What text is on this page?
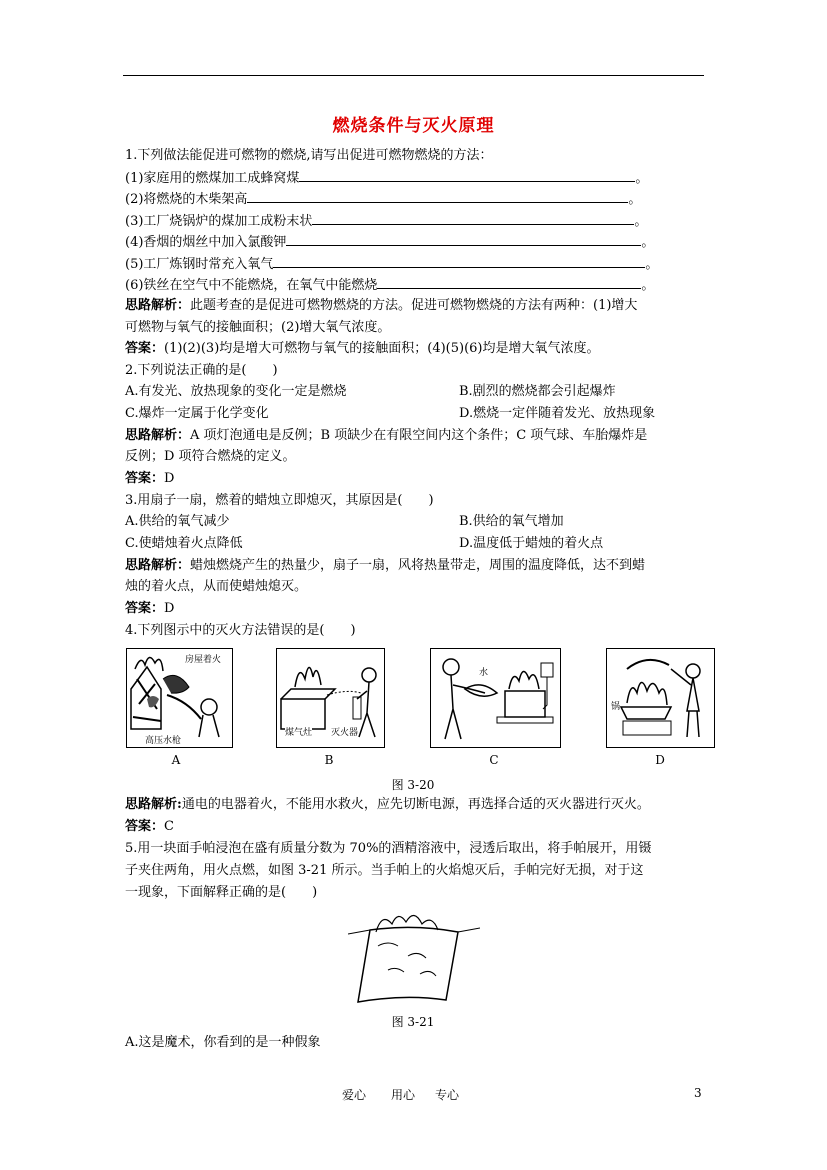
燃烧条件与灭火原理
1.下列做法能促进可燃物的燃烧,请写出促进可燃物燃烧的方法：
(1)家庭用的燃煤加工成蜂窝煤	。
(2)将燃烧的木柴架高	。
(3)工厂烧锅炉的煤加工成粉末状	。
(4)香烟的烟丝中加入氯酸钾	。
(5)工厂炼钢时常充入氧气	。
(6)铁丝在空气中不能燃烧，在氧气中能燃烧	。
思路解析：此题考查的是促进可燃物燃烧的方法。促进可燃物燃烧的方法有两种：(1)增大
可燃物与氧气的接触面积；(2)增大氧气浓度。
答案：(1)(2)(3)均是增大可燃物与氧气的接触面积；(4)(5)(6)均是增大氧气浓度。
2.下列说法正确的是(　　)
A.有发光、放热现象的变化一定是燃烧	B.剧烈的燃烧都会引起爆炸
C.爆炸一定属于化学变化	D.燃烧一定伴随着发光、放热现象
思路解析：A 项灯泡通电是反例；B 项缺少在有限空间内这个条件；C 项气球、车胎爆炸是
反例；D 项符合燃烧的定义。
答案：D
3.用扇子一扇，燃着的蜡烛立即熄灭，其原因是(　　)
A.供给的氧气减少	B.供给的氧气增加
C.使蜡烛着火点降低	D.温度低于蜡烛的着火点
思路解析：蜡烛燃烧产生的热量少，扇子一扇，风将热量带走，周围的温度降低，达不到蜡
烛的着火点，从而使蜡烛熄灭。
答案：D
4.下列图示中的灭火方法错误的是(　　)
房屋着火
高压水枪
A
煤气灶 灭火器
B
水
C
锅
D
图 3-20
思路解析:通电的电器着火，不能用水救火，应先切断电源，再选择合适的灭火器进行灭火。
答案：C
5.用一块面手帕浸泡在盛有质量分数为 70%的酒精溶液中，浸透后取出，将手帕展开，用镊
子夹住两角，用火点燃，如图 3-21 所示。当手帕上的火焰熄灭后，手帕完好无损，对于这
一现象，下面解释正确的是(　　)
图 3-21
A.这是魔术，你看到的是一种假象
爱心 用心 专心	3
